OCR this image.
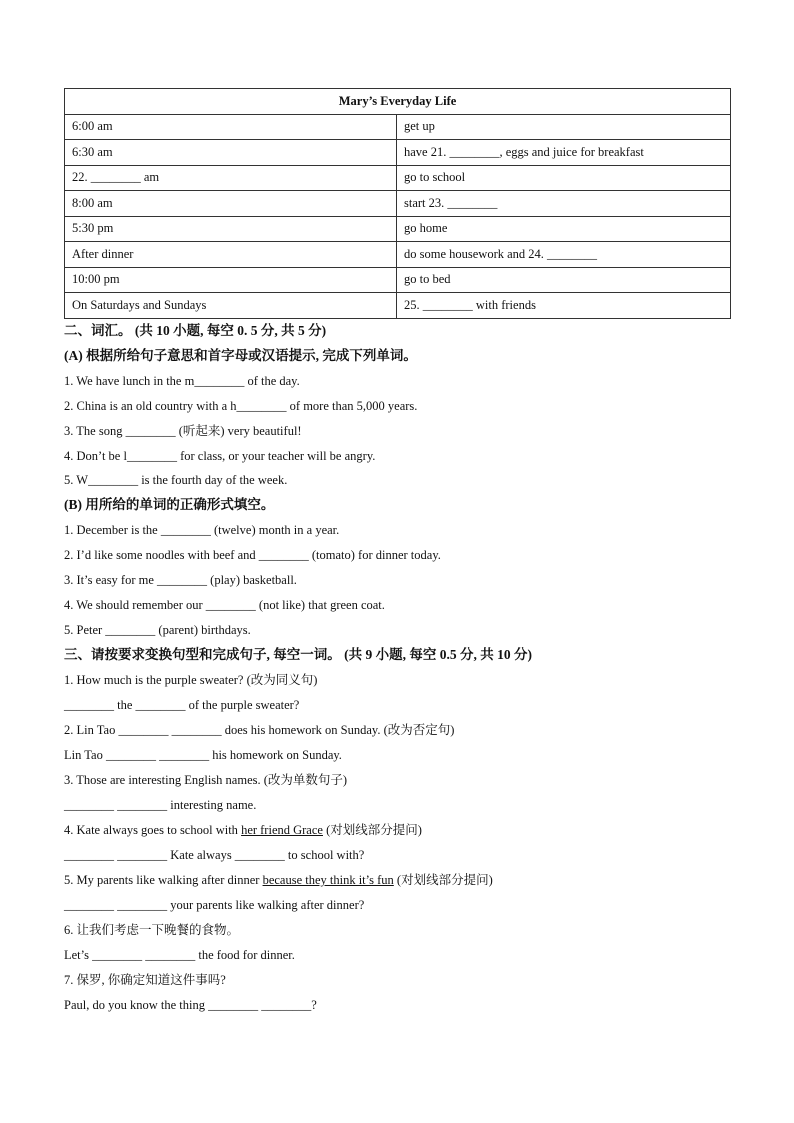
Mary’s Everyday Life	
6:00 am	get up
6:30 am	have 21. ________, eggs and juice for breakfast
22. ________ am	go to school
8:00 am	start 23. ________
5:30 pm	go home
After dinner	do some housework and 24. ________
10:00 pm	go to bed
On Saturdays and Sundays	25. ________ with friends
二、词汇。 (共 10 小题, 每空 0. 5 分, 共 5 分)
(A) 根据所给句子意思和首字母或汉语提示, 完成下列单词。
1. We have lunch in the m________ of the day.
2. China is an old country with a h________ of more than 5,000 years.
3. The song ________ (听起来) very beautiful!
4. Don’t be l________ for class, or your teacher will be angry.
5. W________ is the fourth day of the week.
(B) 用所给的单词的正确形式填空。
1. December is the ________ (twelve) month in a year.
2. I’d like some noodles with beef and ________ (tomato) for dinner today.
3. It’s easy for me ________ (play) basketball.
4. We should remember our ________ (not like) that green coat.
5. Peter ________ (parent) birthdays.
三、请按要求变换句型和完成句子, 每空一词。 (共 9 小题, 每空 0.5 分, 共 10 分)
1. How much is the purple sweater? (改为同义句)
________ the ________ of the purple sweater?
2. Lin Tao ________ ________ does his homework on Sunday. (改为否定句)
Lin Tao ________ ________ his homework on Sunday.
3. Those are interesting English names. (改为单数句子)
________ ________ interesting name.
4. Kate always goes to school with her friend Grace (对划线部分提问)
________ ________ Kate always ________ to school with?
5. My parents like walking after dinner because they think it’s fun (对划线部分提问)
________ ________ your parents like walking after dinner?
6. 让我们考虑一下晚餐的食物。
Let’s ________ ________ the food for dinner.
7. 保罗, 你确定知道这件事吗?
Paul, do you know the thing ________ ________?
